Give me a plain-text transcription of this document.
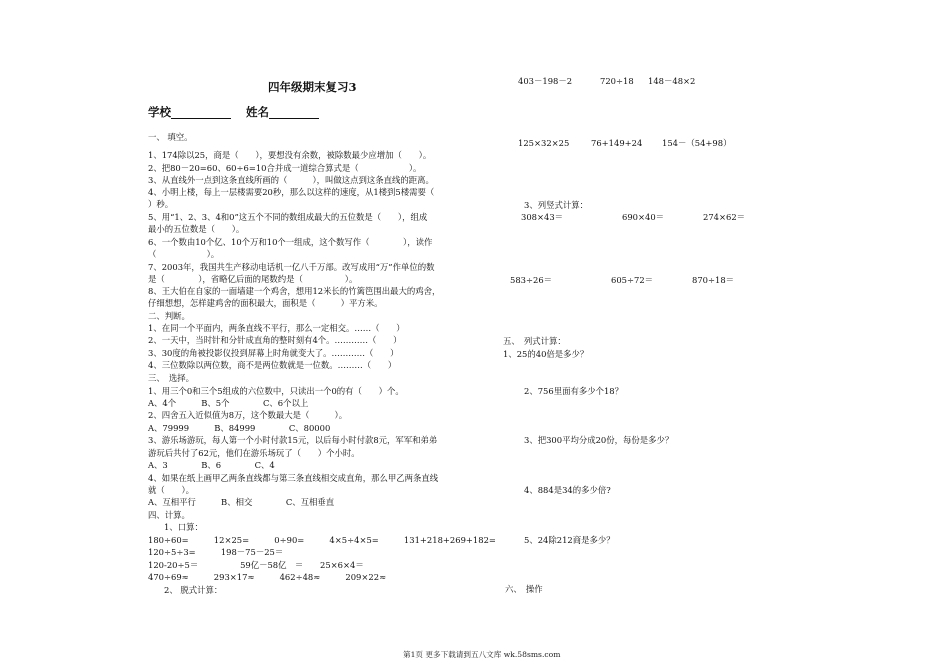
四年级期末复习3
学校	姓名
一、 填空。
1、174除以25，商是（　　），要想没有余数，被除数最少应增加（　　）。
2、把80－20=60、60÷6=10合并成一道综合算式是（　　　　　　）。
3、从直线外一点到这条直线所画的（　　　），叫做这点到这条直线的距离。
4、小明上楼，每上一层楼需要20秒，那么以这样的速度，从1楼到5楼需要（
）秒。
5、用“1、2、3、4和0”这五个不同的数组成最大的五位数是（　　），组成
最小的五位数是（　　）。
6、一个数由10个亿、10个万和10个一组成，这个数写作（　　　　），读作
（　　　　　　）。
7、2003年，我国共生产移动电话机一亿八千万部。改写成用“万”作单位的数
是（　　　　），省略亿后面的尾数约是（　　　　　）。
8、王大伯在自家的一面墙建一个鸡舍，想用12米长的竹篱笆围出最大的鸡舍，
仔细想想，怎样建鸡舍的面积最大，面积是（　　　）平方米。
二、判断。
1、在同一个平面内，两条直线不平行，那么一定相交。……（　　）
2、一天中，当时针和分针成直角的整时刻有4个。…………（　　）
3、30度的角被投影仪投到屏幕上时角就变大了。…………（　　）
4、三位数除以两位数，商不是两位数就是一位数。………（　　）
三、　选择。
1、用三个0和三个5组成的六位数中，只读出一个0的有（　　）个。
A、4个　　　B、5个　　　　C、6个以上
2、四舍五入近似值为8万，这个数最大是（　　　）。
A、79999　　　B、84999　　　　C、80000
3、游乐场游玩，每人第一个小时付款15元，以后每小时付款8元，军军和弟弟
游玩后共付了62元，他们在游乐场玩了（　　）个小时。
A、3　　　　B、6　　　　C、4
4、如果在纸上画甲乙两条直线都与第三条直线相交成直角，那么甲乙两条直线
就（　　）。
A、互相平行　　　B、相交　　　　C、互相垂直
四、计算。
1、口算：
180÷60=　　　12×25=　　　0÷90=　　　4×5÷4×5=　　　131+218+269+182=
120÷5÷3=　　　198－75－25＝
120-20÷5＝　　　　　59亿－58亿　＝　　25×6×4＝
470÷69≈　　　293×17≈　　　462÷48≈　　　209×22≈
2、 脱式计算：
403－198－2	720÷18 148－48×2
125×32×25	76+149+24 154－（54+98）
3、列竖式计算：
308×43＝	690×40＝	274×62＝
583÷26＝	605÷72＝	870÷18＝
五、　列式计算：
1、25的40倍是多少？
2、756里面有多少个18？
3、把300平均分成20份，每份是多少？
4、884是34的多少倍?
5、24除212商是多少？
六、　操作
第1页 更多下载请到五八文库 wk.58sms.com
